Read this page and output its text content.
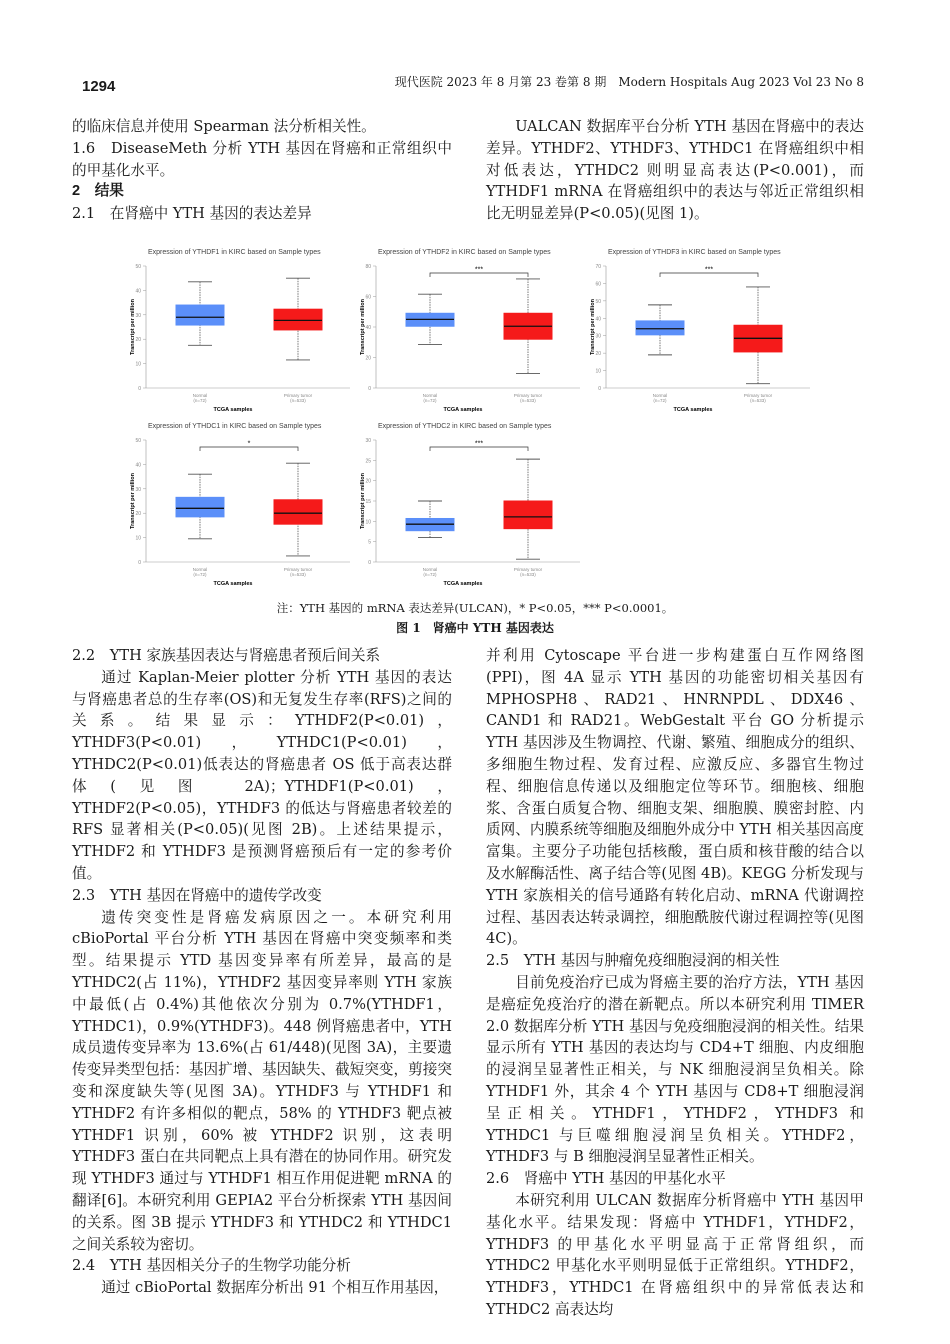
1294	现代医院 2023 年 8 月第 23 卷第 8 期　Modern Hospitals Aug 2023 Vol 23 No 8

的临床信息并使用 Spearman 法分析相关性。

1.6　DiseaseMeth 分析 YTH 基因在肾癌和正常组织中的甲基化水平。

2　结果

2.1　在肾癌中 YTH 基因的表达差异

UALCAN 数据库平台分析 YTH 基因在肾癌中的表达差异。YTHDF2、YTHDF3、YTHDC1 在肾癌组织中相对低表达，YTHDC2 则明显高表达(P<0.001)，而 YTHDF1 mRNA 在肾癌组织中的表达与邻近正常组织相比无明显差异(P<0.05)(见图 1)。

Expression of YTHDF1 in KIRC based on Sample types
0
10
20
30
40
50
Transcript per million
Normal
(n=72)
Primary tumor
(n=533)
TCGA samples
Expression of YTHDF2 in KIRC based on Sample types
0
20
40
60
80
Transcript per million
Normal
(n=72)
Primary tumor
(n=533)
TCGA samples
***
Expression of YTHDF3 in KIRC based on Sample types
0
10
20
30
40
50
60
70
Transcript per million
Normal
(n=72)
Primary tumor
(n=533)
TCGA samples
***
Expression of YTHDC1 in KIRC based on Sample types
0
10
20
30
40
50
Transcript per million
Normal
(n=72)
Primary tumor
(n=533)
TCGA samples
*
Expression of YTHDC2 in KIRC based on Sample types
0
5
10
15
20
25
30
Transcript per million
Normal
(n=72)
Primary tumor
(n=533)
TCGA samples
***
注：YTH 基因的 mRNA 表达差异(ULCAN)，* P<0.05，*** P<0.0001。
图 1　肾癌中 YTH 基因表达

2.2　YTH 家族基因表达与肾癌患者预后间关系

通过 Kaplan-Meier plotter 分析 YTH 基因的表达与肾癌患者总的生存率(OS)和无复发生存率(RFS)之间的关系。结果显示：YTHDF2(P<0.01)，YTHDF3(P<0.01)，YTHDC1(P<0.01)，YTHDC2(P<0.01)低表达的肾癌患者 OS 低于高表达群体(见图 2A)；YTHDF1(P<0.01)，YTHDF2(P<0.05)，YTHDF3 的低达与肾癌患者较差的 RFS 显著相关(P<0.05)(见图 2B)。上述结果提示，YTHDF2 和 YTHDF3 是预测肾癌预后有一定的参考价值。

2.3　YTH 基因在肾癌中的遗传学改变

遗传突变性是肾癌发病原因之一。本研究利用 cBioPortal 平台分析 YTH 基因在肾癌中突变频率和类型。结果提示 YTD 基因变异率有所差异，最高的是 YTHDC2(占 11%)，YTHDF2 基因变异率则 YTH 家族中最低(占 0.4%)其他依次分别为 0.7%(YTHDF1，YTHDC1)，0.9%(YTHDF3)。448 例肾癌患者中，YTH 成员遗传变异率为 13.6%(占 61/448)(见图 3A)，主要遗传变异类型包括：基因扩增、基因缺失、截短突变，剪接突变和深度缺失等(见图 3A)。YTHDF3 与 YTHDF1 和 YTHDF2 有许多相似的靶点，58% 的 YTHDF3 靶点被 YTHDF1 识别，60% 被 YTHDF2 识别，这表明 YTHDF3 蛋白在共同靶点上具有潜在的协同作用。研究发现 YTHDF3 通过与 YTHDF1 相互作用促进靶 mRNA 的翻译[6]。本研究利用 GEPIA2 平台分析探索 YTH 基因间的关系。图 3B 提示 YTHDF3 和 YTHDC2 和 YTHDC1 之间关系较为密切。

2.4　YTH 基因相关分子的生物学功能分析

通过 cBioPortal 数据库分析出 91 个相互作用基因，

并利用 Cytoscape 平台进一步构建蛋白互作网络图(PPI)，图 4A 显示 YTH 基因的功能密切相关基因有 MPHOSPH8、RAD21、HNRNPDL、DDX46、CAND1 和 RAD21。WebGestalt 平台 GO 分析提示 YTH 基因涉及生物调控、代谢、繁殖、细胞成分的组织、多细胞生物过程、发育过程、应激反应、多器官生物过程、细胞信息传递以及细胞定位等环节。细胞核、细胞浆、含蛋白质复合物、细胞支架、细胞膜、膜密封腔、内质网、内膜系统等细胞及细胞外成分中 YTH 相关基因高度富集。主要分子功能包括核酸，蛋白质和核苷酸的结合以及水解酶活性、离子结合等(见图 4B)。KEGG 分析发现与 YTH 家族相关的信号通路有转化启动、mRNA 代谢调控过程、基因表达转录调控，细胞酰胺代谢过程调控等(见图 4C)。

2.5　YTH 基因与肿瘤免疫细胞浸润的相关性

目前免疫治疗已成为肾癌主要的治疗方法，YTH 基因是癌症免疫治疗的潜在新靶点。所以本研究利用 TIMER 2.0 数据库分析 YTH 基因与免疫细胞浸润的相关性。结果显示所有 YTH 基因的表达均与 CD4+T 细胞、内皮细胞的浸润呈显著性正相关，与 NK 细胞浸润呈负相关。除 YTHDF1 外，其余 4 个 YTH 基因与 CD8+T 细胞浸润呈正相关。YTHDF1，YTHDF2，YTHDF3 和 YTHDC1 与巨噬细胞浸润呈负相关。YTHDF2，YTHDF3 与 B 细胞浸润呈显著性正相关。

2.6　肾癌中 YTH 基因的甲基化水平

本研究利用 ULCAN 数据库分析肾癌中 YTH 基因甲基化水平。结果发现：肾癌中 YTHDF1，YTHDF2，YTHDF3 的甲基化水平明显高于正常肾组织，而 YTHDC2 甲基化水平则明显低于正常组织。YTHDF2，YTHDF3，YTHDC1 在肾癌组织中的异常低表达和 YTHDC2 高表达均
